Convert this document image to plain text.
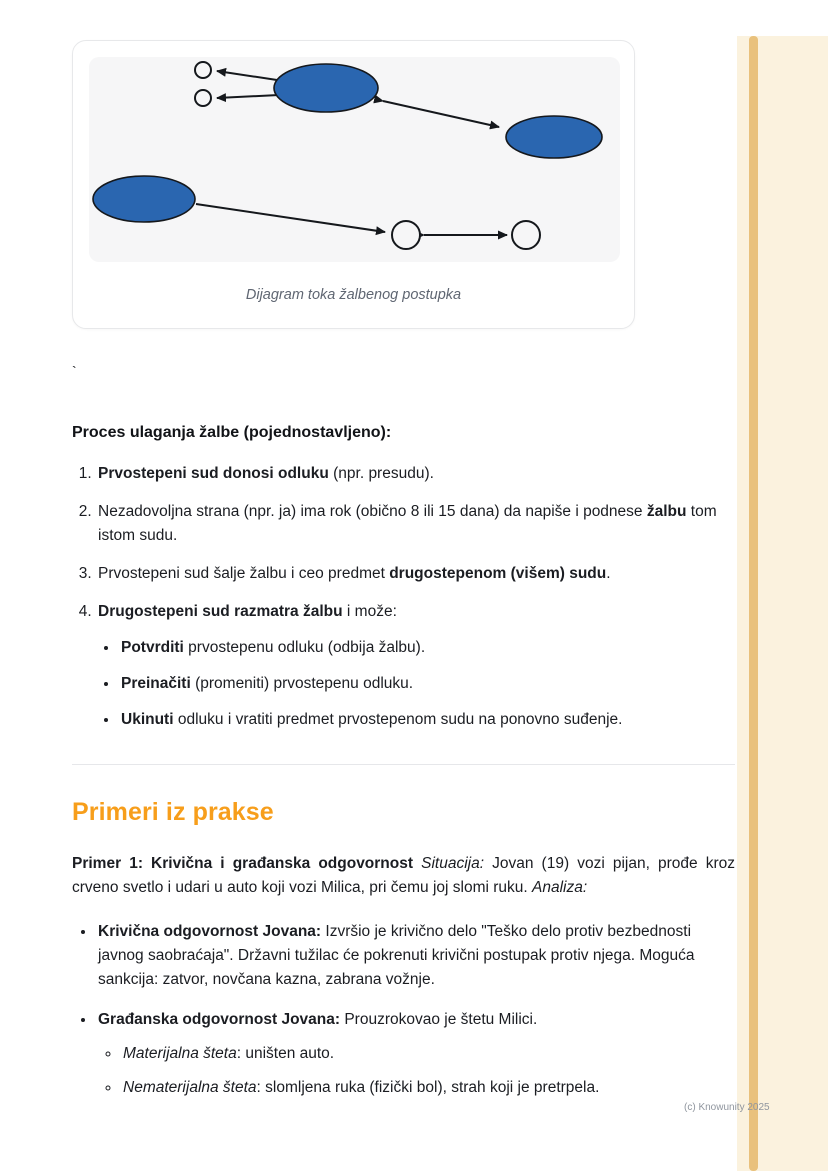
(c) Knowunity 2025
Dijagram toka žalbenog postupka

`

Proces ulaganja žalbe (pojednostavljeno):
1. Prvostepeni sud donosi odluku (npr. presudu).
2. Nezadovoljna strana (npr. ja) ima rok (obično 8 ili 15 dana) da napiše i podnese žalbu tom istom sudu.
3. Prvostepeni sud šalje žalbu i ceo predmet drugostepenom (višem) sudu.
4. Drugostepeni sud razmatra žalbu i može:
• Potvrditi prvostepenu odluku (odbija žalbu).
• Preinačiti (promeniti) prvostepenu odluku.
• Ukinuti odluku i vratiti predmet prvostepenom sudu na ponovno suđenje.
Primeri iz prakse

Primer 1: Krivična i građanska odgovornost Situacija: Jovan (19) vozi pijan, prođe kroz crveno svetlo i udari u auto koji vozi Milica, pri čemu joj slomi ruku. Analiza:

• Krivična odgovornost Jovana: Izvršio je krivično delo "Teško delo protiv bezbednosti javnog saobraćaja". Državni tužilac će pokrenuti krivični postupak protiv njega. Moguća sankcija: zatvor, novčana kazna, zabrana vožnje.
• Građanska odgovornost Jovana: Prouzrokovao je štetu Milici.
◦ Materijalna šteta: uništen auto.
◦ Nematerijalna šteta: slomljena ruka (fizički bol), strah koji je pretrpela.
